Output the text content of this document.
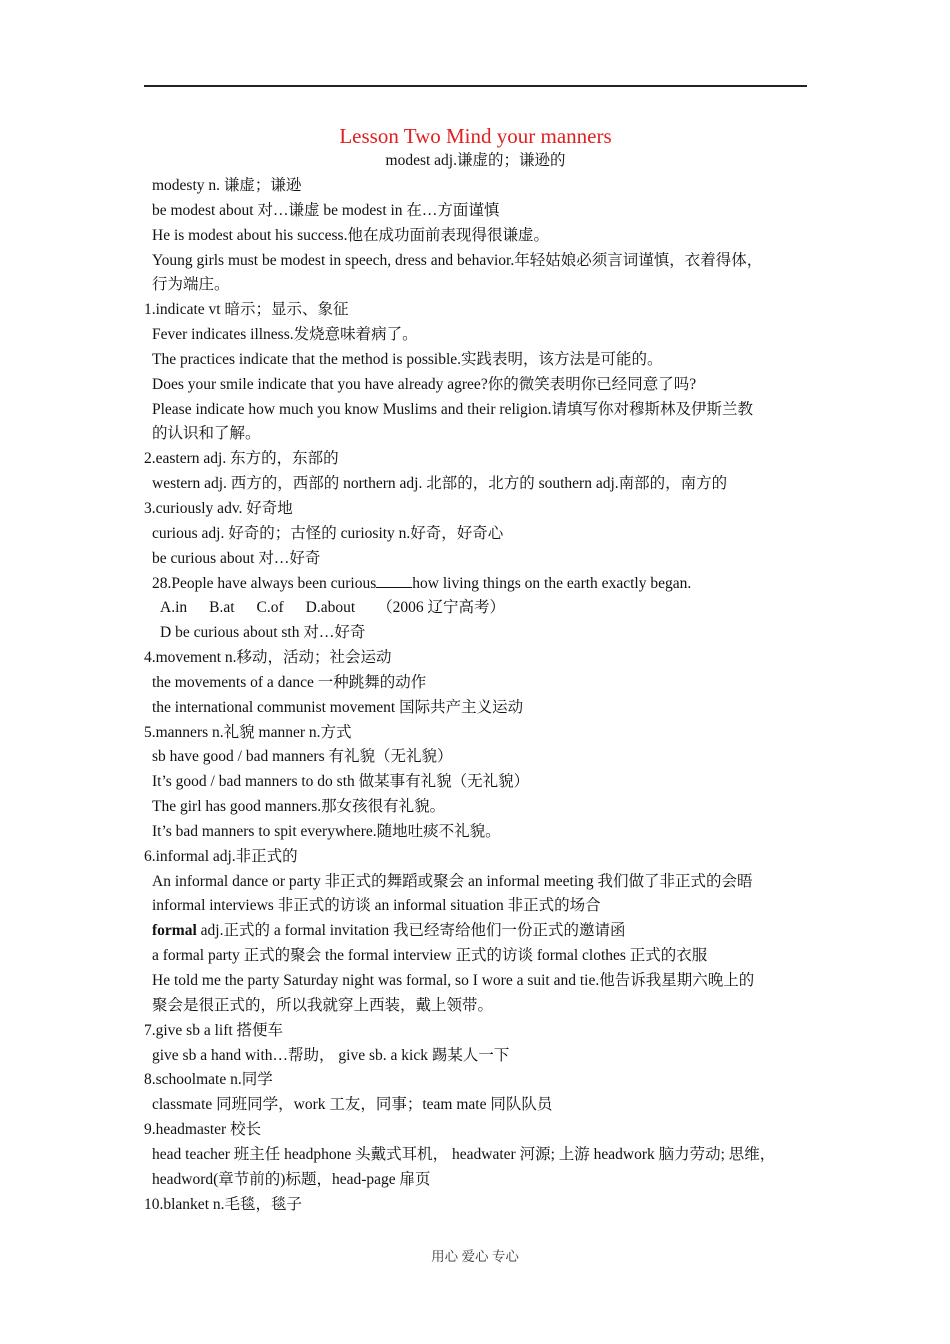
Lesson Two Mind your manners
modest adj.谦虚的；谦逊的
modesty n. 谦虚；谦逊
be modest about 对…谦虚 be modest in 在…方面谨慎
He is modest about his success.他在成功面前表现得很谦虚。
Young girls must be modest in speech, dress and behavior.年轻姑娘必须言词谨慎，衣着得体，
行为端庄。
1.indicate vt 暗示；显示、象征
Fever indicates illness.发烧意味着病了。
The practices indicate that the method is possible.实践表明，该方法是可能的。
Does your smile indicate that you have already agree?你的微笑表明你已经同意了吗?
Please indicate how much you know Muslims and their religion.请填写你对穆斯林及伊斯兰教
的认识和了解。
2.eastern adj. 东方的，东部的
western adj. 西方的，西部的 northern adj. 北部的，北方的 southern adj.南部的，南方的
3.curiously adv. 好奇地
curious adj. 好奇的；古怪的 curiosity n.好奇，好奇心
be curious about 对…好奇
28.People have always been curious how living things on the earth exactly began.
A.in B.at C.of D.about （2006 辽宁高考）
D be curious about sth 对…好奇
4.movement n.移动，活动；社会运动
the movements of a dance 一种跳舞的动作
the international communist movement 国际共产主义运动
5.manners n.礼貌 manner n.方式
sb have good / bad manners 有礼貌（无礼貌）
It’s good / bad manners to do sth 做某事有礼貌（无礼貌）
The girl has good manners.那女孩很有礼貌。
It’s bad manners to spit everywhere.随地吐痰不礼貌。
6.informal adj.非正式的
An informal dance or party 非正式的舞蹈或聚会 an informal meeting 我们做了非正式的会晤
informal interviews 非正式的访谈 an informal situation 非正式的场合
formal adj.正式的 a formal invitation 我已经寄给他们一份正式的邀请函
a formal party 正式的聚会 the formal interview 正式的访谈 formal clothes 正式的衣服
He told me the party Saturday night was formal, so I wore a suit and tie.他告诉我星期六晚上的
聚会是很正式的，所以我就穿上西装，戴上领带。
7.give sb a lift 搭便车
give sb a hand with…帮助， give sb. a kick 踢某人一下
8.schoolmate n.同学
classmate 同班同学，work 工友，同事；team mate 同队队员
9.headmaster 校长
head teacher 班主任 headphone 头戴式耳机， headwater 河源; 上游 headwork 脑力劳动; 思维，
headword(章节前的)标题，head-page 扉页
10.blanket n.毛毯，毯子
用心 爱心 专心
